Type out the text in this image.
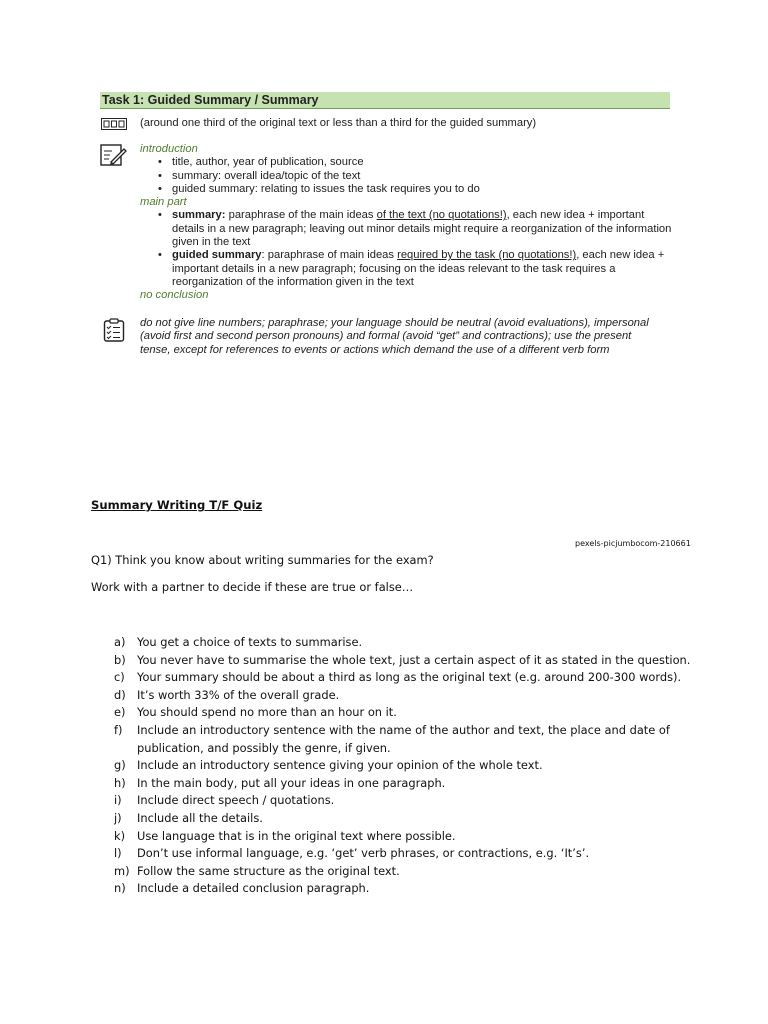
Task 1: Guided Summary / Summary
(around one third of the original text or less than a third for the guided summary)
introduction
• title, author, year of publication, source
• summary: overall idea/topic of the text
• guided summary: relating to issues the task requires you to do
main part
• summary: paraphrase of the main ideas of the text (no quotations!), each new idea + important details in a new paragraph; leaving out minor details might require a reorganization of the information given in the text
• guided summary: paraphrase of main ideas required by the task (no quotations!), each new idea + important details in a new paragraph; focusing on the ideas relevant to the task requires a reorganization of the information given in the text
no conclusion
do not give line numbers; paraphrase; your language should be neutral (avoid evaluations), impersonal (avoid first and second person pronouns) and formal (avoid “get” and contractions); use the present tense, except for references to events or actions which demand the use of a different verb form
Summary Writing T/F Quiz
pexels-picjumbocom-210661
Q1) Think you know about writing summaries for the exam?
Work with a partner to decide if these are true or false…
a) You get a choice of texts to summarise.
b) You never have to summarise the whole text, just a certain aspect of it as stated in the question.
c) Your summary should be about a third as long as the original text (e.g. around 200-300 words).
d) It’s worth 33% of the overall grade.
e) You should spend no more than an hour on it.
f) Include an introductory sentence with the name of the author and text, the place and date of publication, and possibly the genre, if given.
g) Include an introductory sentence giving your opinion of the whole text.
h) In the main body, put all your ideas in one paragraph.
i) Include direct speech / quotations.
j) Include all the details.
k) Use language that is in the original text where possible.
l) Don’t use informal language, e.g. ‘get’ verb phrases, or contractions, e.g. ‘It’s’.
m) Follow the same structure as the original text.
n) Include a detailed conclusion paragraph.
